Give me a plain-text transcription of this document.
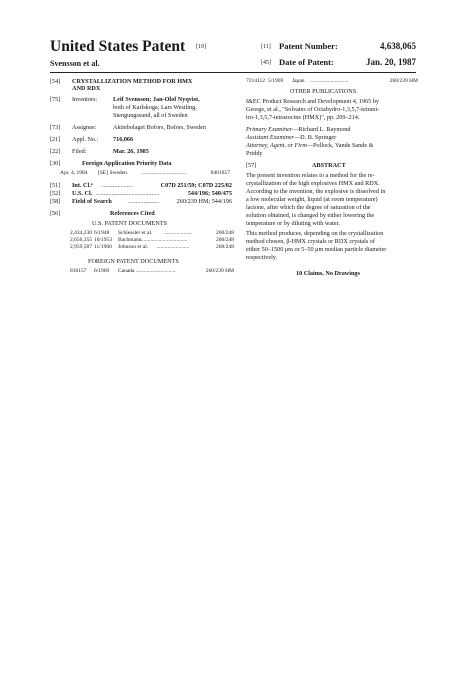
United States Patent [19]
Svensson et al.
[11] Patent Number:	4,638,065
[45] Date of Patent:	Jan. 20, 1987
[54] CRYSTALLIZATION METHOD FOR HMX
AND RDX
[75] Inventors:	Leif Svensson; Jan-Olof Nyqvist,
both of Karlskoga; Lars Westling,
Stengungssund, all of Sweden
[73] Assignee:	Aktiebolaget Bofors, Bofors, Sweden
[21] Appl. No.: 716,066
[22] Filed:	Mar. 26, 1985
[30]	Foreign Application Priority Data
Apr. 4, 1984 [SE] Sweden	................................	8401857
[51] Int. Cl.⁴ ....................	C07D 251/59; C07D 225/02
[52] U.S. Cl. .........................................	544/196; 540/475
[58] Field of Search	....................	260/239 HM; 544/196
[56]	References Cited
U.S. PATENT DOCUMENTS
2,434,230 6/1948 Schiessler et al. ....................	260/248
2,656,355 10/1953 Bachmann ..................................	260/248
2,959,587 11/1960 Johnson et al. ........................	260/248
FOREIGN PATENT DOCUMENTS
816157 6/1969 Canada .............................	260/239 HM
7214112 5/1969 Japan ............................	260/239 HM
OTHER PUBLICATIONS
I&EC Product Research and Development 4, 1965 by
George, et al., "Solvates of Octahydro-1,3,5,7-tetrani-
tro-1,3,5,7-tetrazocine (HMX)", pp. 209–214.
Primary Examiner—Richard L. Raymond
Assistant Examiner—D. B. Springer
Attorney, Agent, or Firm—Pollock, Vande Sande &
Priddy
[57]	ABSTRACT
The present invention relates to a method for the re-
crystallization of the high explosives HMX and RDX.
According to the invention, the explosive is dissolved in
a low molecular weight, liquid (at room temperature)
lactone, after which the degree of saturation of the
solution obtained, is changed by either lowering the
temperature or by diluting with water.
This method produces, depending on the crystallization
method chosen, β-HMX crystals or RDX crystals of
either 50–1500 μm or 5–50 μm median particle diameter
respectively.
10 Claims, No Drawings
